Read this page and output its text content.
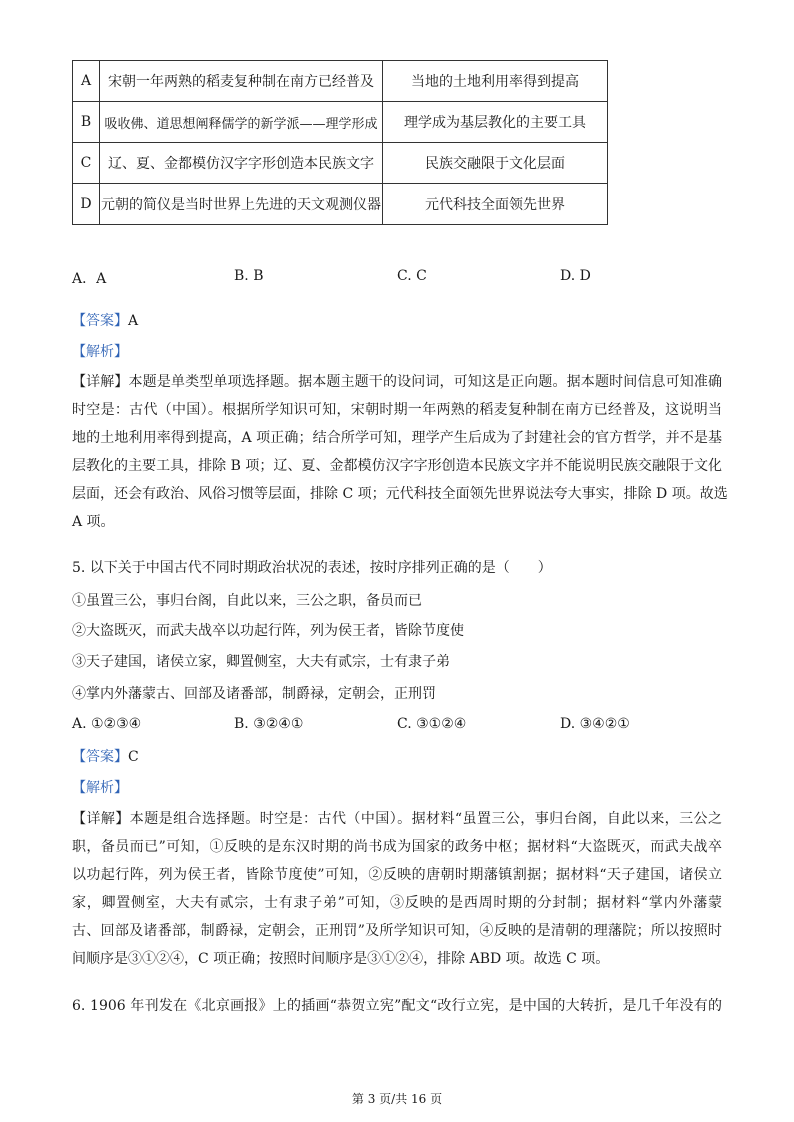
A	宋朝一年两熟的稻麦复种制在南方已经普及	当地的土地利用率得到提高
B	吸收佛、道思想阐释儒学的新学派——理学形成	理学成为基层教化的主要工具
C	辽、夏、金都模仿汉字字形创造本民族文字	民族交融限于文化层面
D	元朝的简仪是当时世界上先进的天文观测仪器	元代科技全面领先世界
A．A	B. B	C. C	D. D
【答案】A
【解析】
【详解】本题是单类型单项选择题。据本题主题干的设问词，可知这是正向题。据本题时间信息可知准确
时空是：古代（中国）。根据所学知识可知，宋朝时期一年两熟的稻麦复种制在南方已经普及，这说明当
地的土地利用率得到提高，A 项正确；结合所学可知，理学产生后成为了封建社会的官方哲学，并不是基
层教化的主要工具，排除 B 项；辽、夏、金都模仿汉字字形创造本民族文字并不能说明民族交融限于文化
层面，还会有政治、风俗习惯等层面，排除 C 项；元代科技全面领先世界说法夸大事实，排除 D 项。故选
A 项。
5. 以下关于中国古代不同时期政治状况的表述，按时序排列正确的是（　　）
①虽置三公，事归台阁，自此以来，三公之职，备员而已
②大盗既灭，而武夫战卒以功起行阵，列为侯王者，皆除节度使
③天子建国，诸侯立家，卿置侧室，大夫有贰宗，士有隶子弟
④掌内外藩蒙古、回部及诸番部，制爵禄，定朝会，正刑罚
A. ①②③④	B. ③②④①	C. ③①②④	D. ③④②①
【答案】C
【解析】
【详解】本题是组合选择题。时空是：古代（中国）。据材料“虽置三公，事归台阁，自此以来，三公之
职，备员而已”可知，①反映的是东汉时期的尚书成为国家的政务中枢；据材料“大盗既灭，而武夫战卒
以功起行阵，列为侯王者，皆除节度使”可知，②反映的唐朝时期藩镇割据；据材料“天子建国，诸侯立
家，卿置侧室，大夫有贰宗，士有隶子弟”可知，③反映的是西周时期的分封制；据材料“掌内外藩蒙
古、回部及诸番部，制爵禄，定朝会，正刑罚”及所学知识可知，④反映的是清朝的理藩院；所以按照时
间顺序是③①②④，C 项正确；按照时间顺序是③①②④，排除 ABD 项。故选 C 项。
6. 1906 年刊发在《北京画报》上的插画“恭贺立宪”配文“改行立宪，是中国的大转折，是几千年没有的
第 3 页/共 16 页
